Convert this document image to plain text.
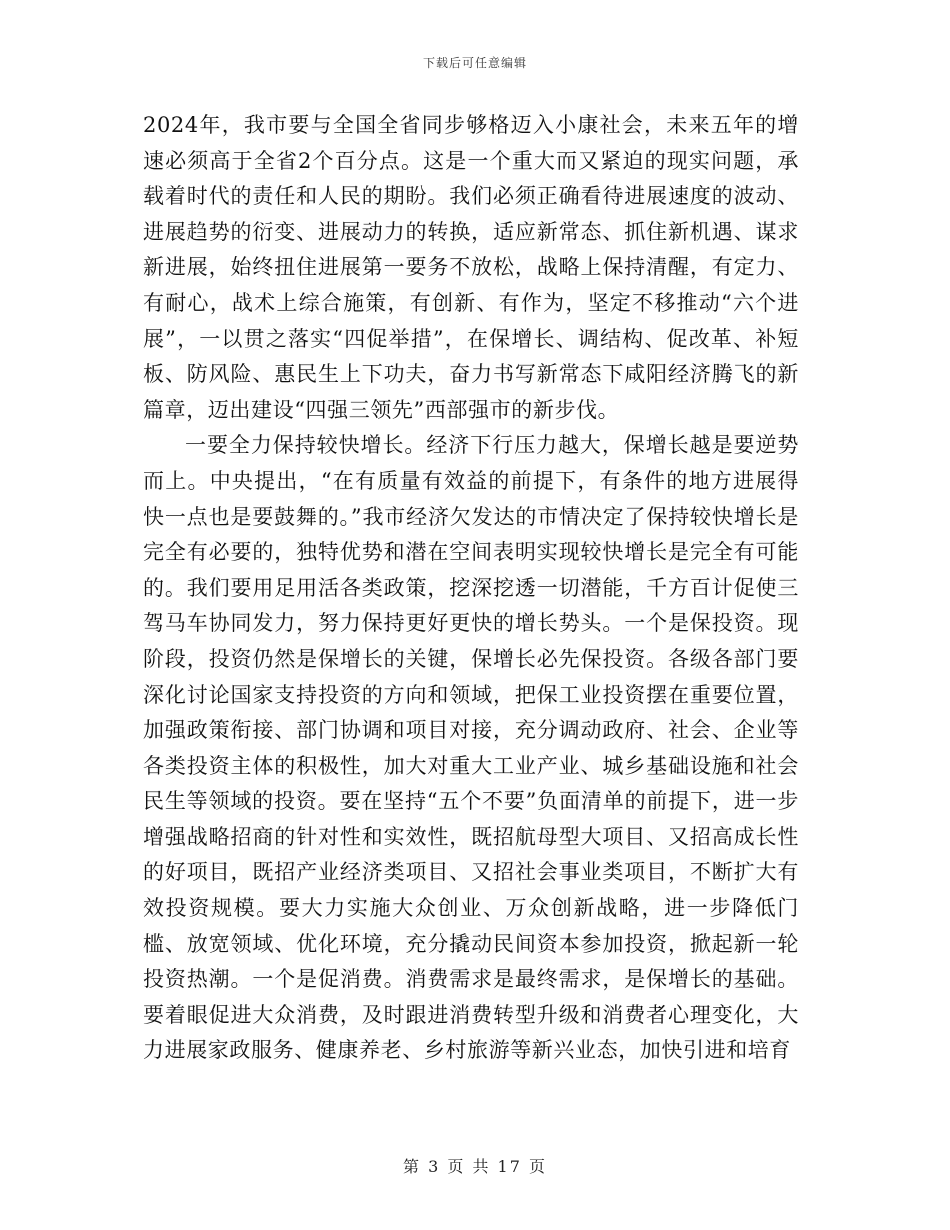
下载后可任意编辑

2024年，我市要与全国全省同步够格迈入小康社会，未来五年的增速必须高于全省2个百分点。这是一个重大而又紧迫的现实问题，承载着时代的责任和人民的期盼。我们必须正确看待进展速度的波动、进展趋势的衍变、进展动力的转换，适应新常态、抓住新机遇、谋求新进展，始终扭住进展第一要务不放松，战略上保持清醒，有定力、有耐心，战术上综合施策，有创新、有作为，坚定不移推动“六个进展”，一以贯之落实“四促举措”，在保增长、调结构、促改革、补短板、防风险、惠民生上下功夫，奋力书写新常态下咸阳经济腾飞的新篇章，迈出建设“四强三领先”西部强市的新步伐。

一要全力保持较快增长。经济下行压力越大，保增长越是要逆势而上。中央提出，“在有质量有效益的前提下，有条件的地方进展得快一点也是要鼓舞的。”我市经济欠发达的市情决定了保持较快增长是完全有必要的，独特优势和潜在空间表明实现较快增长是完全有可能的。我们要用足用活各类政策，挖深挖透一切潜能，千方百计促使三驾马车协同发力，努力保持更好更快的增长势头。一个是保投资。现阶段，投资仍然是保增长的关键，保增长必先保投资。各级各部门要深化讨论国家支持投资的方向和领域，把保工业投资摆在重要位置，加强政策衔接、部门协调和项目对接，充分调动政府、社会、企业等各类投资主体的积极性，加大对重大工业产业、城乡基础设施和社会民生等领域的投资。要在坚持“五个不要”负面清单的前提下，进一步增强战略招商的针对性和实效性，既招航母型大项目、又招高成长性的好项目，既招产业经济类项目、又招社会事业类项目，不断扩大有效投资规模。要大力实施大众创业、万众创新战略，进一步降低门槛、放宽领域、优化环境，充分撬动民间资本参加投资，掀起新一轮投资热潮。一个是促消费。消费需求是最终需求，是保增长的基础。要着眼促进大众消费，及时跟进消费转型升级和消费者心理变化，大力进展家政服务、健康养老、乡村旅游等新兴业态，加快引进和培育

第 3 页 共 17 页
